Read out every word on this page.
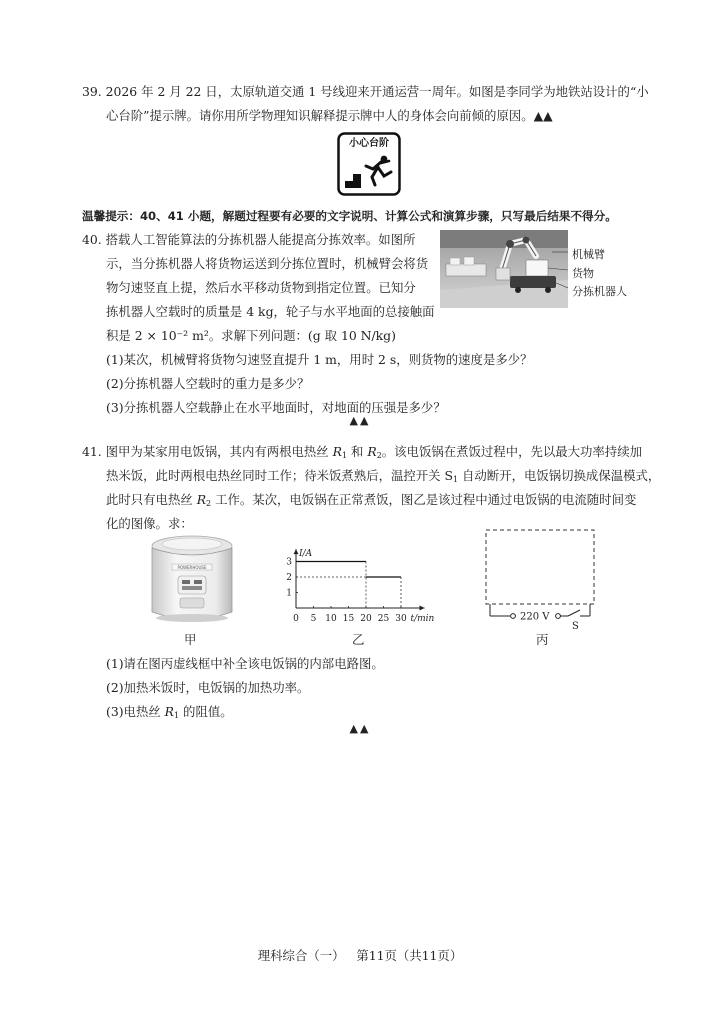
39. 2026 年 2 月 22 日，太原轨道交通 1 号线迎来开通运营一周年。如图是李同学为地铁站设计的“小
心台阶”提示牌。请你用所学物理知识解释提示牌中人的身体会向前倾的原因。▲▲
小心台阶
温馨提示：40、41 小题，解题过程要有必要的文字说明、计算公式和演算步骤，只写最后结果不得分。
40. 搭载人工智能算法的分拣机器人能提高分拣效率。如图所
示，当分拣机器人将货物运送到分拣位置时，机械臂会将货
物匀速竖直上提，然后水平移动货物到指定位置。已知分
拣机器人空载时的质量是 4 kg，轮子与水平地面的总接触面
积是 2 × 10⁻² m²。求解下列问题：(g 取 10 N/kg)
机械臂
货物
分拣机器人
(1)某次，机械臂将货物匀速竖直提升 1 m，用时 2 s，则货物的速度是多少？
(2)分拣机器人空载时的重力是多少？
(3)分拣机器人空载静止在水平地面时，对地面的压强是多少？
▲▲
41. 图甲为某家用电饭锅，其内有两根电热丝 $R_1$ 和 $R_2$。该电饭锅在煮饭过程中，先以最大功率持续加
热米饭，此时两根电热丝同时工作；待米饭煮熟后，温控开关 $S_1$ 自动断开，电饭锅切换成保温模式，
此时只有电热丝 $R_2$ 工作。某次，电饭锅在正常煮饭，图乙是该过程中通过电饭锅的电流随时间变
化的图像。求：
POWERHOUSE
I/A
t/min
0 5 10 15 20 25 30
1
2
3
220 V
S
甲	乙	丙
(1)请在图丙虚线框中补全该电饭锅的内部电路图。
(2)加热米饭时，电饭锅的加热功率。
(3)电热丝 $R_1$ 的阻值。
▲▲
理科综合（一） 第11页（共11页）
